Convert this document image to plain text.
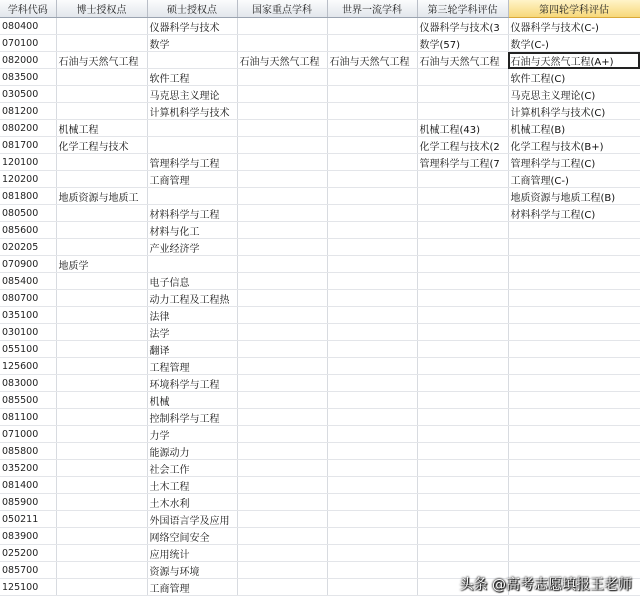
学科代码	博士授权点	硕士授权点	国家重点学科	世界一流学科	第三轮学科评估	第四轮学科评估
080400		仪器科学与技术			仪器科学与技术(3	仪器科学与技术(C-)
070100		数学			数学(57)	数学(C-)
082000	石油与天然气工程		石油与天然气工程	石油与天然气工程	石油与天然气工程	石油与天然气工程(A+)
083500		软件工程				软件工程(C)
030500		马克思主义理论				马克思主义理论(C)
081200		计算机科学与技术				计算机科学与技术(C)
080200	机械工程				机械工程(43)	机械工程(B)
081700	化学工程与技术				化学工程与技术(2	化学工程与技术(B+)
120100		管理科学与工程			管理科学与工程(7	管理科学与工程(C)
120200		工商管理				工商管理(C-)
081800	地质资源与地质工					地质资源与地质工程(B)
080500		材料科学与工程				材料科学与工程(C)
085600		材料与化工				
020205		产业经济学				
070900	地质学					
085400		电子信息				
080700		动力工程及工程热				
035100		法律				
030100		法学				
055100		翻译				
125600		工程管理				
083000		环境科学与工程				
085500		机械				
081100		控制科学与工程				
071000		力学				
085800		能源动力				
035200		社会工作				
081400		土木工程				
085900		土木水利				
050211		外国语言学及应用				
083900		网络空间安全				
025200		应用统计				
085700		资源与环境				
125100		工商管理					头条 @高考志愿填报王老师
